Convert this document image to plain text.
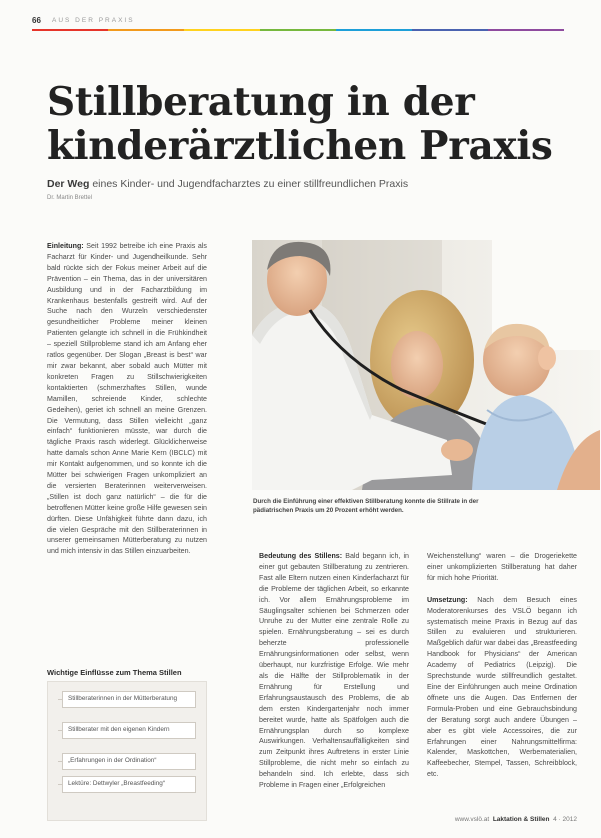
66 AUS DER PRAXIS
Stillberatung in der kinderärztlichen Praxis
Der Weg eines Kinder- und Jugendfacharztes zu einer stillfreundlichen Praxis
Dr. Martin Brettel

Einleitung: Seit 1992 betreibe ich eine Praxis als Facharzt für Kinder- und Jugendheilkunde. Sehr bald rückte sich der Fokus meiner Arbeit auf die Prävention – ein Thema, das in der universitären Ausbildung und in der Facharztbildung im Krankenhaus bestenfalls gestreift wird. Auf der Suche nach den Wurzeln verschiedenster gesundheitlicher Probleme meiner kleinen Patienten gelangte ich schnell in die Frühkindheit – speziell Stillprobleme stand ich am Anfang eher ratlos gegenüber. Der Slogan „Breast is best“ war mir zwar bekannt, aber sobald auch Mütter mit konkreten Fragen zu Stillschwierigkeiten kontaktierten (schmerzhaftes Stillen, wunde Mamillen, schreiende Kinder, schlechte Gedeihen), geriet ich schnell an meine Grenzen. Die Vermutung, dass Stillen vielleicht „ganz einfach“ funktionieren müsste, war durch die tägliche Praxis rasch widerlegt. Glücklicherweise hatte damals schon Anne Marie Kern (IBCLC) mit mir Kontakt aufgenommen, und so konnte ich die Mütter bei schwierigen Fragen unkompliziert an die versierten Beraterinnen weiterverweisen. „Stillen ist doch ganz natürlich“ – die für die betroffenen Mütter keine große Hilfe gewesen sein dürften. Diese Unfähigkeit führte dann dazu, ich die vielen Gespräche mit den Stillberaterinnen in unserer gemeinsamen Mütterberatung zu nutzen und mich intensiv in das Stillen einzuarbeiten.

Durch die Einführung einer effektiven Stillberatung konnte die Stillrate in der pädiatrischen Praxis um 20 Prozent erhöht werden.
Wichtige Einflüsse zum Thema Stillen
Stillberaterinnen in der Mütterberatung
Stillberater mit den eigenen Kindern
„Erfahrungen in der Ordination“
Lektüre: Dettwyler „Breastfeeding“

Bedeutung des Stillens: Bald begann ich, in einer gut gebauten Stillberatung zu zentrieren. Fast alle Eltern nutzen einen Kinderfacharzt für die Probleme der täglichen Arbeit, so erkannte ich. Vor allem Ernährungsprobleme im Säuglingsalter schienen bei Schmerzen oder Unruhe zu der Mutter eine zentrale Rolle zu spielen. Ernährungsberatung – sei es durch beherzte professionelle Ernährungsinformationen oder selbst, wenn überhaupt, nur kurzfristige Erfolge. Wie mehr als die Hälfte der Stillproblematik in der Ernährung für Erstellung und Erfahrungsaustausch des Problems, die ab dem ersten Kindergartenjahr noch immer bereitet wurde, hatte als Spätfolgen auch die Ernährungsplan durch so komplexe Auswirkungen. Verhaltensauffälligkeiten sind zum Zeitpunkt ihres Auftretens in erster Linie Stillprobleme, die nicht mehr so einfach zu behandeln sind. Ich erlebte, dass sich Probleme in Fragen einer „Erfolgreichen

Weichenstellung“ waren – die Drogeriekette einer unkomplizierten Stillberatung hat daher für mich hohe Priorität.

Umsetzung: Nach dem Besuch eines Moderatorenkurses des VSLÖ begann ich systematisch meine Praxis in Bezug auf das Stillen zu evaluieren und strukturieren. Maßgeblich dafür war dabei das „Breastfeeding Handbook for Physicians“ der American Academy of Pediatrics (Leipzig). Die Sprechstunde wurde stillfreundlich gestaltet. Eine der Einführungen auch meine Ordination öffnete uns die Augen. Das Entfernen der Formula-Proben und eine Gebrauchsbindung der Beratung sorgt auch andere Übungen – aber es gibt viele Accessoires, die zur Erfahrungen einer Nahrungsmittelfirma: Kalender, Maskottchen, Werbematerialien, Kaffeebecher, Stempel, Tassen, Schreibblock, etc.

www.vslö.at Laktation & Stillen 4 · 2012
